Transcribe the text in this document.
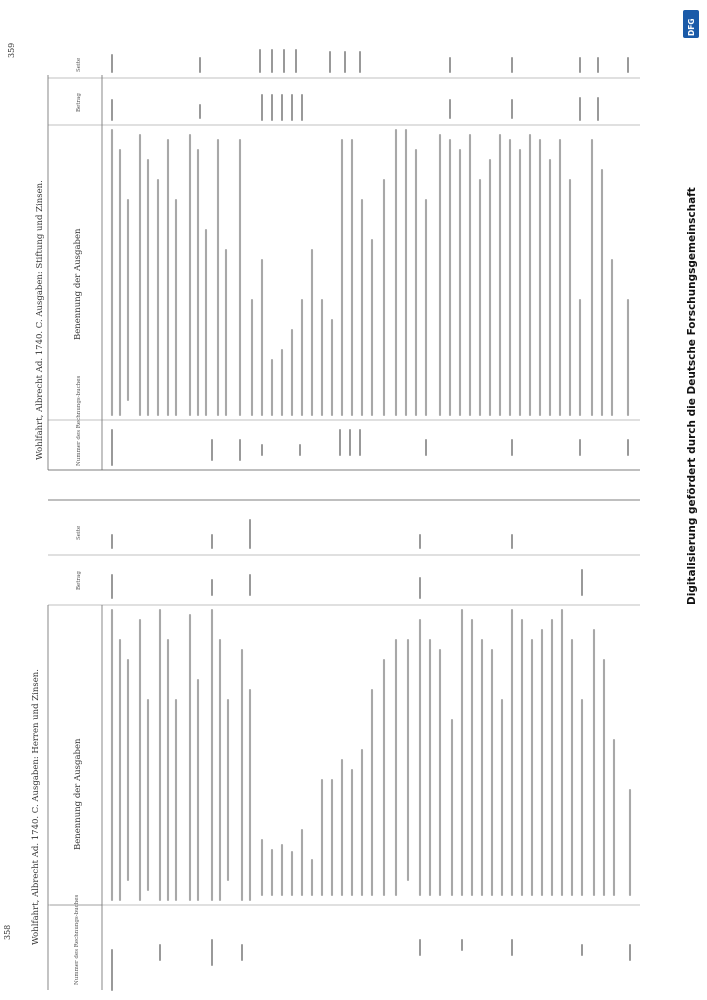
358 Wohlfahrt, Albrecht Ad. 1740. C. Ausgaben: Herren und Zinsen.	Nummer des Rechnungs-buches
Benennung der Ausgaben
Betrag
Seite
359
Wohlfahrt, Albrecht Ad. 1740. C. Ausgaben: Stiftung und Zinsen.	Nummer des Rechnungs-buches
Benennung der Ausgaben
Betrag
Seite
DFG
Digitalisierung gefördert durch die Deutsche Forschungsgemeinschaft
